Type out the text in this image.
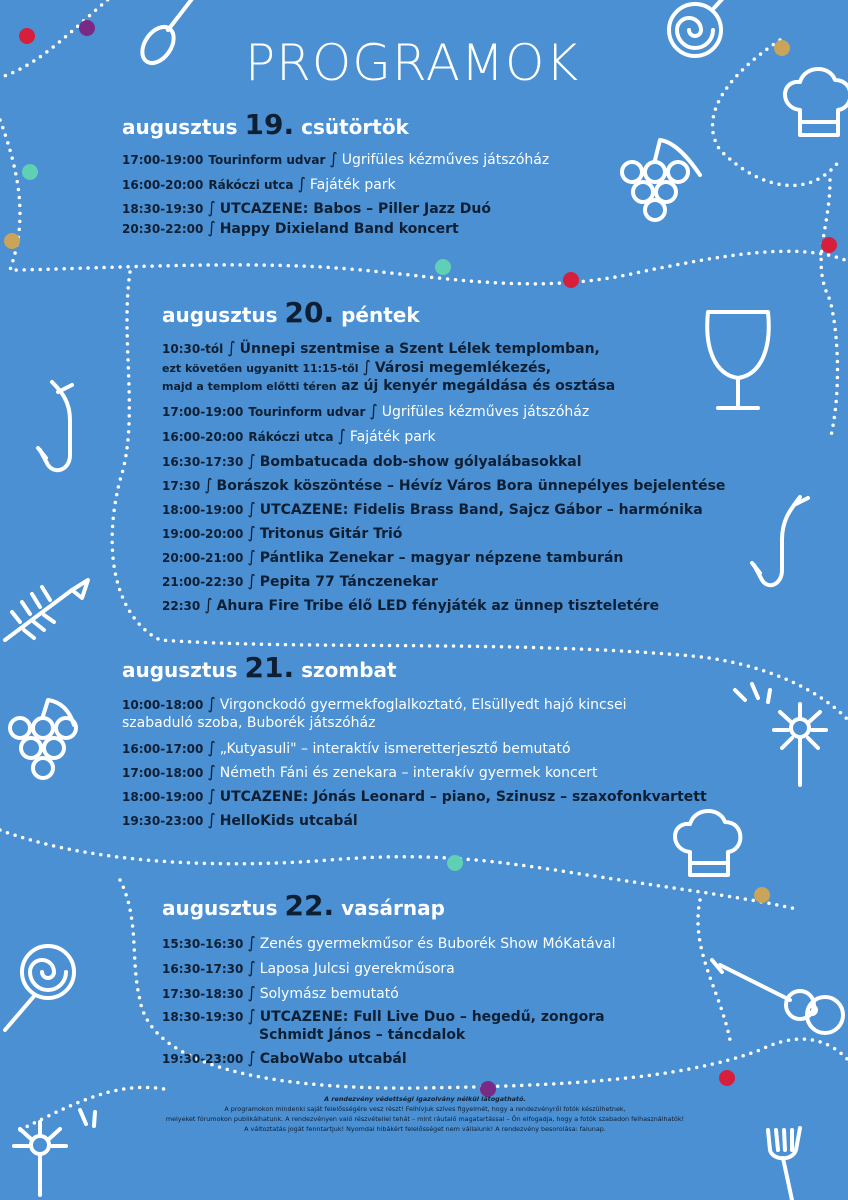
PROGRAMOK
augusztus 19. csütörtök
17:00-19:00 Tourinform udvar ∫ Ugrifüles kézműves játszóház
16:00-20:00 Rákóczi utca ∫ Fajáték park
18:30-19:30 ∫ UTCAZENE: Babos – Piller Jazz Duó
20:30-22:00 ∫ Happy Dixieland Band koncert
augusztus 20. péntek
10:30-tól ∫ Ünnepi szentmise a Szent Lélek templomban,
ezt követően ugyanitt 11:15-től ∫ Városi megemlékezés,
majd a templom előtti téren az új kenyér megáldása és osztása
17:00-19:00 Tourinform udvar ∫ Ugrifüles kézműves játszóház
16:00-20:00 Rákóczi utca ∫ Fajáték park
16:30-17:30 ∫ Bombatucada dob-show gólyalábasokkal
17:30 ∫ Borászok köszöntése – Hévíz Város Bora ünnepélyes bejelentése
18:00-19:00 ∫ UTCAZENE: Fidelis Brass Band, Sajcz Gábor – harmónika
19:00-20:00 ∫ Tritonus Gitár Trió
20:00-21:00 ∫ Pántlika Zenekar – magyar népzene tamburán
21:00-22:30 ∫ Pepita 77 Tánczenekar
22:30 ∫ Ahura Fire Tribe élő LED fényjáték az ünnep tiszteletére
augusztus 21. szombat
10:00-18:00 ∫ Virgonckodó gyermekfoglalkoztató, Elsüllyedt hajó kincsei
szabaduló szoba, Buborék játszóház
16:00-17:00 ∫ „Kutyasuli" – interaktív ismeretterjesztő bemutató
17:00-18:00 ∫ Németh Fáni és zenekara – interakív gyermek koncert
18:00-19:00 ∫ UTCAZENE: Jónás Leonard – piano, Szinusz – szaxofonkvartett
19:30-23:00 ∫ HelloKids utcabál
augusztus 22. vasárnap
15:30-16:30 ∫ Zenés gyermekműsor és Buborék Show MóKatával
16:30-17:30 ∫ Laposa Julcsi gyerekműsora
17:30-18:30 ∫ Solymász bemutató
18:30-19:30 ∫ UTCAZENE: Full Live Duo – hegedű, zongora
Schmidt János – táncdalok
19:30-23:00 ∫ CaboWabo utcabál
A rendezvény védettségi igazolvány nélkül látogatható.
A programokon mindenki saját felelősségére vesz részt! Felhívjuk szíves figyelmét, hogy a rendezvényről fotók készülhetnek,
melyeket fórumokon publikálhatunk. A rendezvényen való részvétellel tehát – mint ráutaló magatartással – Ön elfogadja, hogy a fotók szabadon felhasználhatók!
A változtatás jogát fenntartjuk! Nyomdai hibákért felelősséget nem vállalunk! A rendezvény besorolása: falunap.
